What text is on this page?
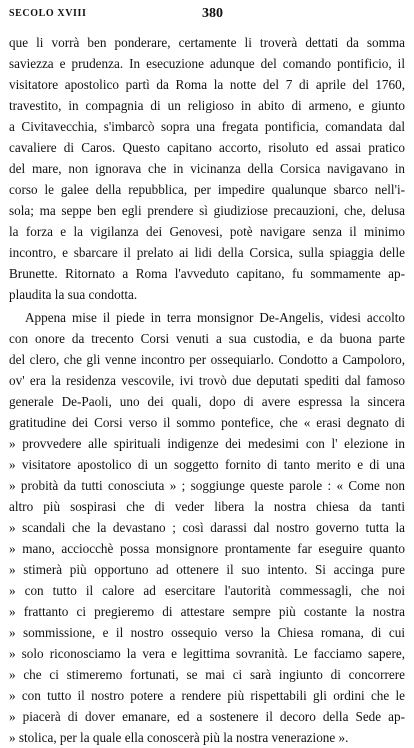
SECOLO XVIII	380
que li vorrà ben ponderare, certamente li troverà dettati da somma
saviezza e prudenza. In esecuzione adunque del comando pontificio, il
visitatore apostolico partì da Roma la notte del 7 di aprile del 1760,
travestito, in compagnia di un religioso in abito di armeno, e giunto
a Civitavecchia, s'imbarcò sopra una fregata pontificia, comandata dal
cavaliere di Caros. Questo capitano accorto, risoluto ed assai pratico
del mare, non ignorava che in vicinanza della Corsica navigavano in
corso le galee della repubblica, per impedire qualunque sbarco nell'i-
sola; ma seppe ben egli prendere sì giudiziose precauzioni, che, delusa
la forza e la vigilanza dei Genovesi, potè navigare senza il minimo
incontro, e sbarcare il prelato ai lidi della Corsica, sulla spiaggia delle
Brunette. Ritornato a Roma l'avveduto capitano, fu sommamente ap-
plaudita la sua condotta.
Appena mise il piede in terra monsignor De-Angelis, videsi accolto
con onore da trecento Corsi venuti a sua custodia, e da buona parte
del clero, che gli venne incontro per ossequiarlo. Condotto a Campoloro,
ov' era la residenza vescovile, ivi trovò due deputati spediti dal famoso
generale De-Paoli, uno dei quali, dopo di avere espressa la sincera
gratitudine dei Corsi verso il sommo pontefice, che « erasi degnato di
» provvedere alle spirituali indigenze dei medesimi con l' elezione in
» visitatore apostolico di un soggetto fornito di tanto merito e di una
» probità da tutti conosciuta » ; soggiunge queste parole : « Come non
altro più sospirasi che di veder libera la nostra chiesa da tanti
» scandali che la devastano ; così darassi dal nostro governo tutta la
» mano, acciocchè possa monsignore prontamente far eseguire quanto
» stimerà più opportuno ad ottenere il suo intento. Si accinga pure
» con tutto il calore ad esercitare l'autorità commessagli, che noi
» frattanto ci pregieremo di attestare sempre più costante la nostra
» sommissione, e il nostro ossequio verso la Chiesa romana, di cui
» solo riconosciamo la vera e legittima sovranità. Le facciamo sapere,
» che ci stimeremo fortunati, se mai ci sarà ingiunto di concorrere
» con tutto il nostro potere a rendere più rispettabili gli ordini che le
» piacerà di dover emanare, ed a sostenere il decoro della Sede ap-
» stolica, per la quale ella conoscerà più la nostra venerazione ».
